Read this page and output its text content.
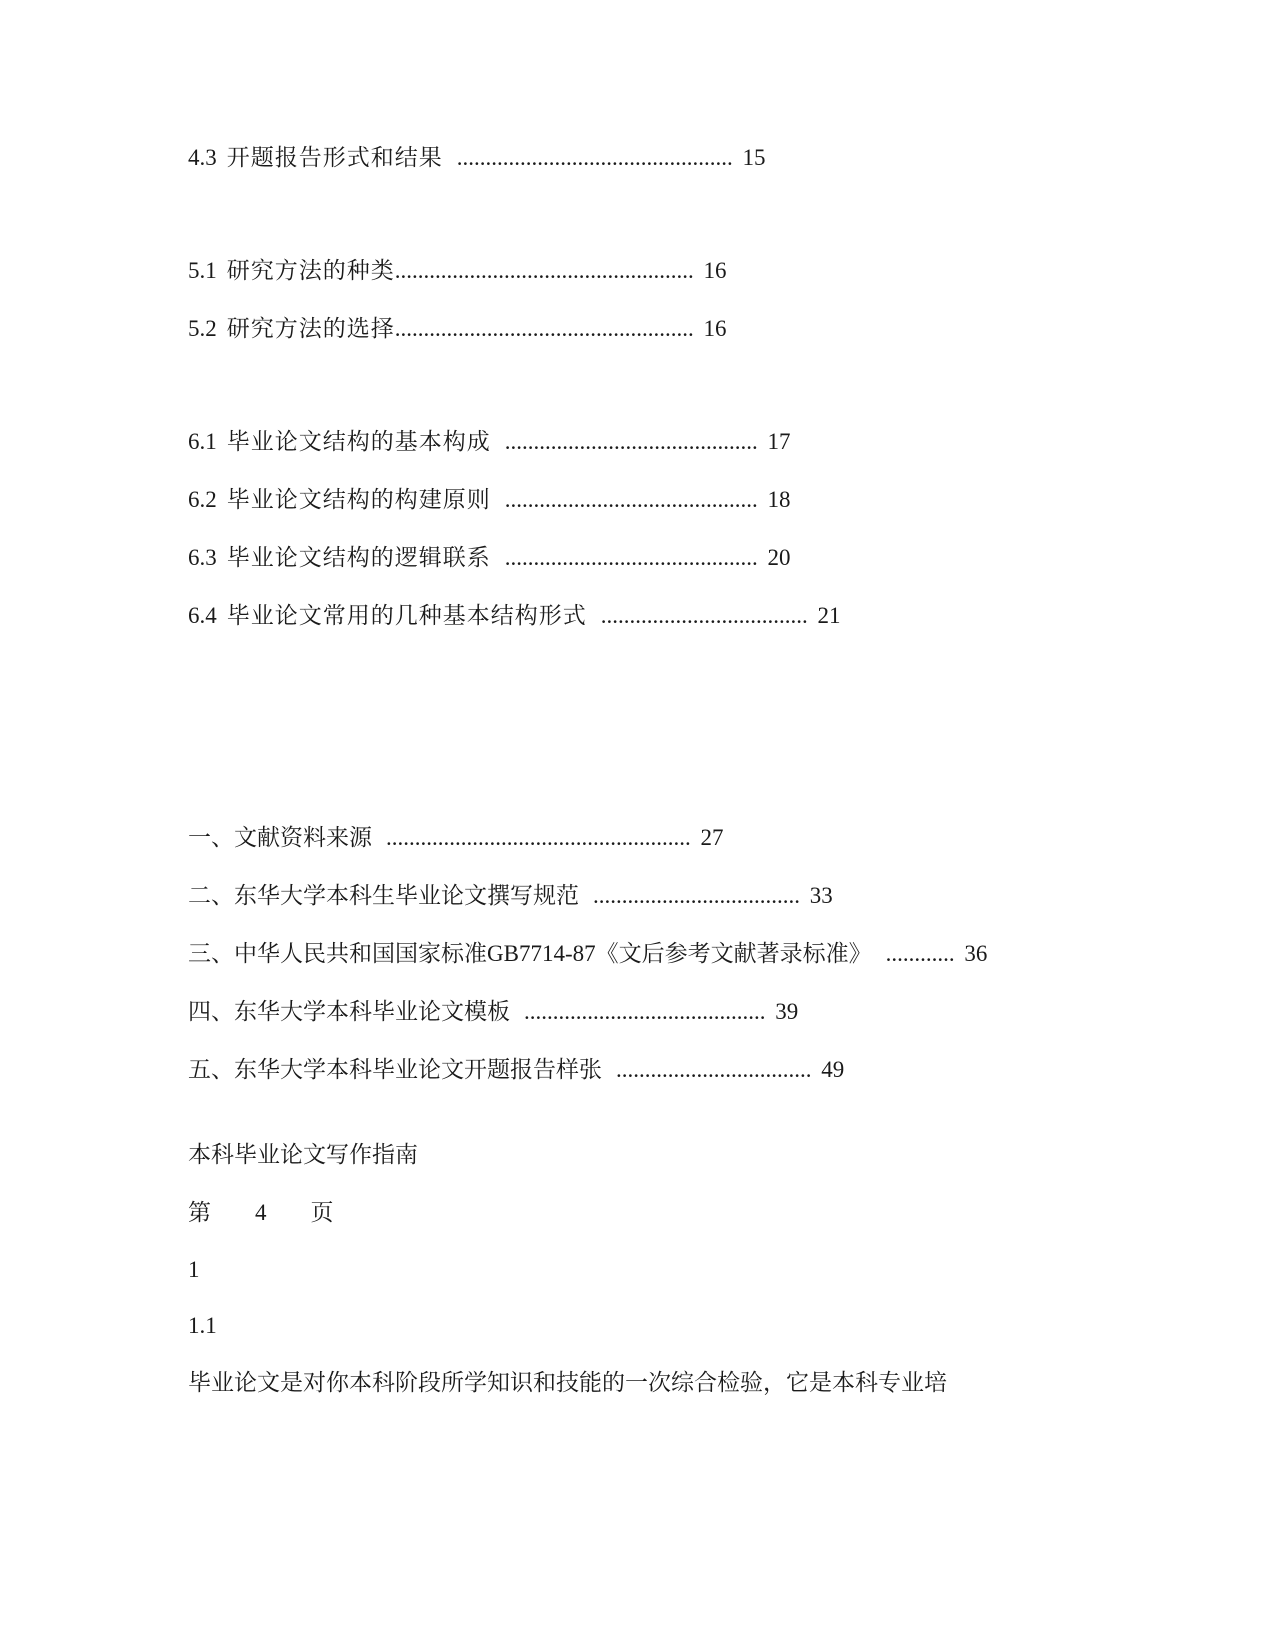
4.3 开题报告形式和结果 ................................................ 15
5.1 研究方法的种类.................................................... 16
5.2 研究方法的选择.................................................... 16
6.1 毕业论文结构的基本构成 ............................................ 17
6.2 毕业论文结构的构建原则 ............................................ 18
6.3 毕业论文结构的逻辑联系 ............................................ 20
6.4 毕业论文常用的几种基本结构形式 .................................... 21
一、文献资料来源 ..................................................... 27
二、东华大学本科生毕业论文撰写规范 .................................... 33
三、中华人民共和国国家标准GB7714-87《文后参考文献著录标准》 ............ 36
四、东华大学本科毕业论文模板 .......................................... 39
五、东华大学本科毕业论文开题报告样张 .................................. 49
本科毕业论文写作指南
第 4 页
1
1.1
毕业论文是对你本科阶段所学知识和技能的一次综合检验，它是本科专业培
